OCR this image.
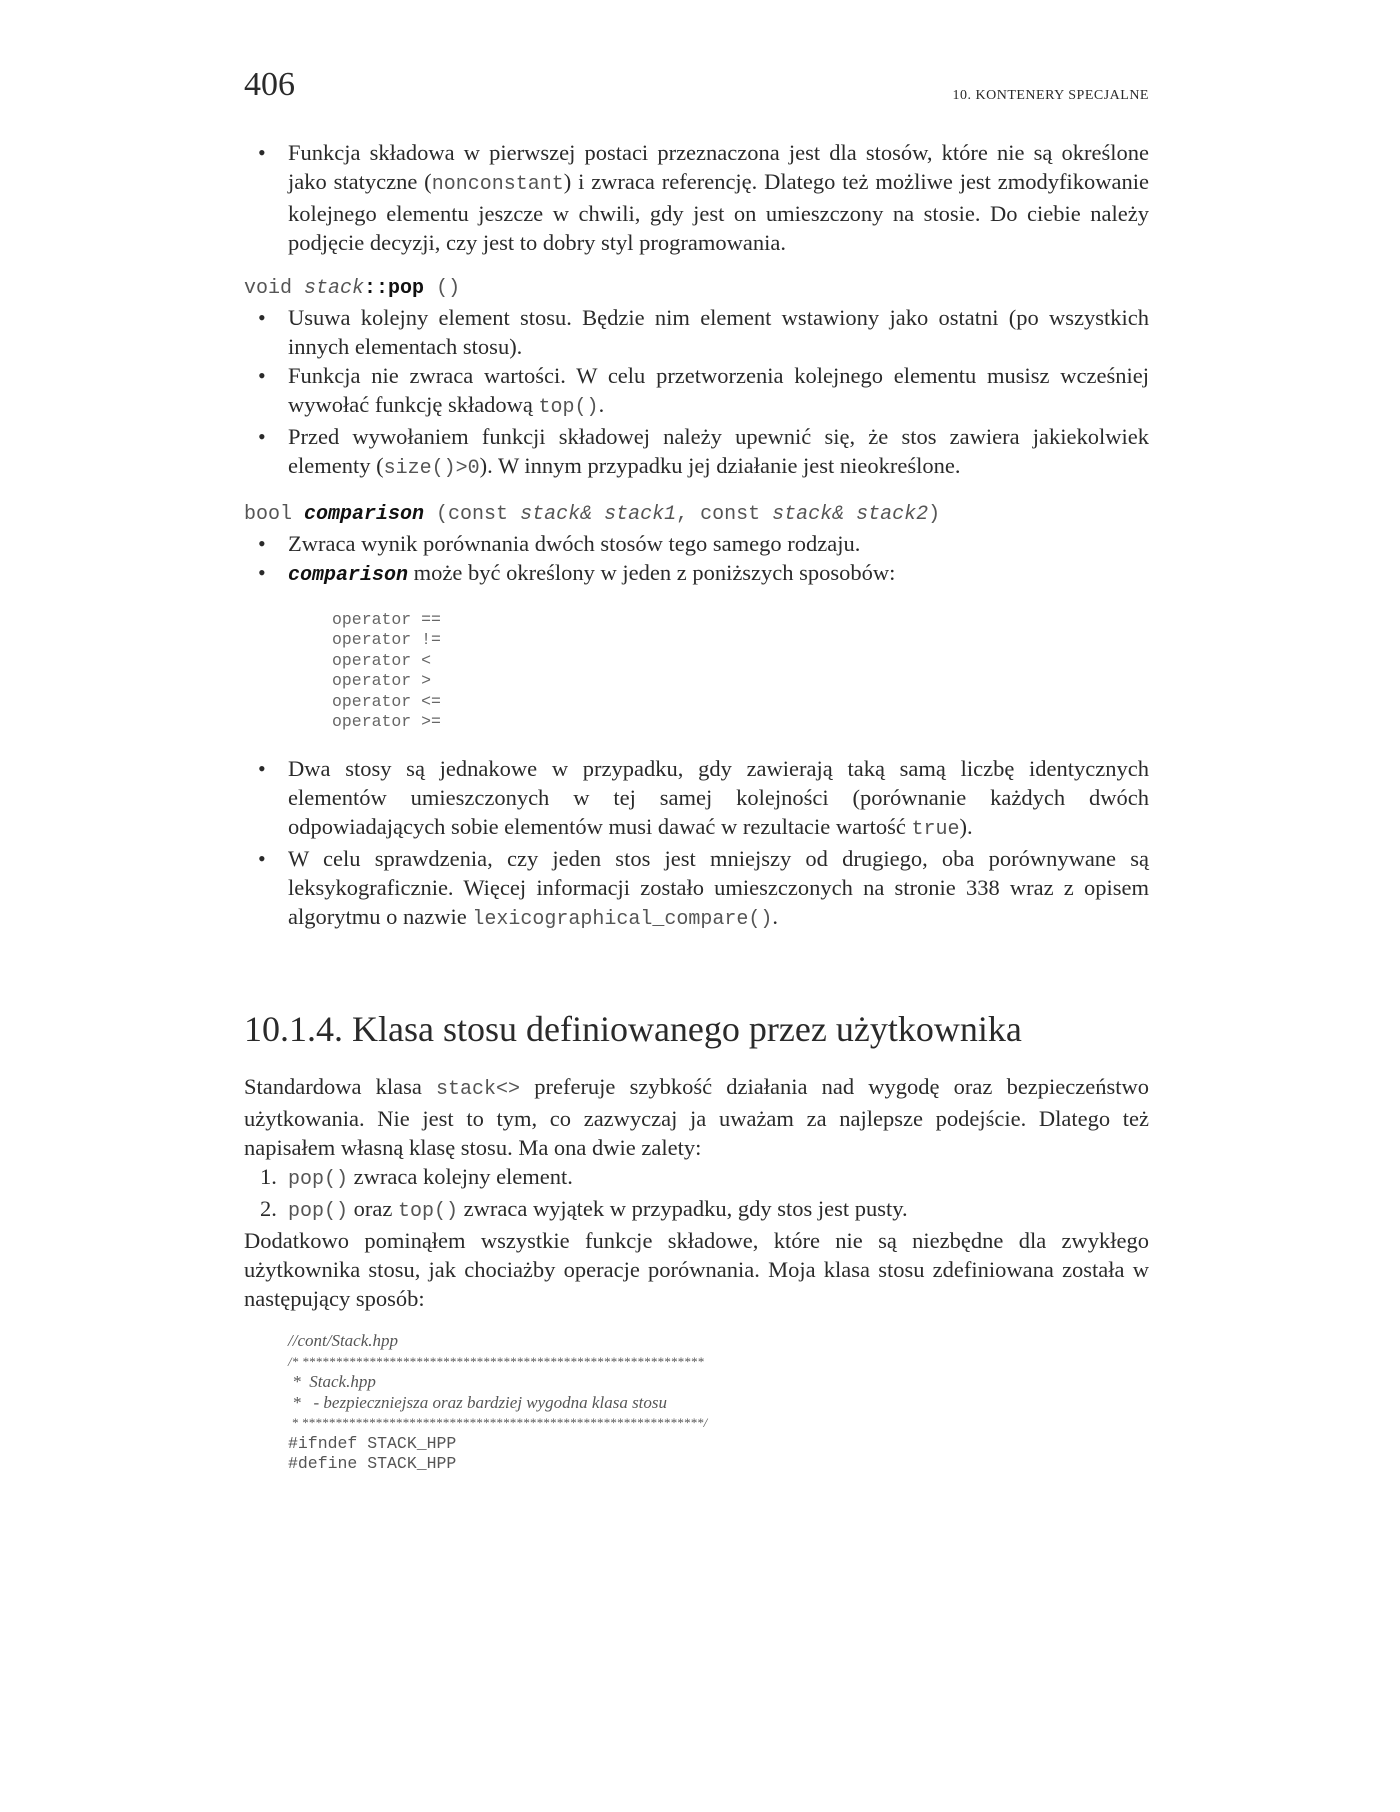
406	10. KONTENERY SPECJALNE
• Funkcja składowa w pierwszej postaci przeznaczona jest dla stosów, które nie są określone jako statyczne (nonconstant) i zwraca referencję. Dlatego też możliwe jest zmodyfikowanie kolejnego elementu jeszcze w chwili, gdy jest on umieszczony na stosie. Do ciebie należy podjęcie decyzji, czy jest to dobry styl programowania.
void stack::pop ()
• Usuwa kolejny element stosu. Będzie nim element wstawiony jako ostatni (po wszystkich innych elementach stosu).
• Funkcja nie zwraca wartości. W celu przetworzenia kolejnego elementu musisz wcześniej wywołać funkcję składową top().
• Przed wywołaniem funkcji składowej należy upewnić się, że stos zawiera jakiekolwiek elementy (size()>0). W innym przypadku jej działanie jest nieokreślone.
bool comparison (const stack& stack1, const stack& stack2)
• Zwraca wynik porównania dwóch stosów tego samego rodzaju.
• comparison może być określony w jeden z poniższych sposobów:
operator ==
operator !=
operator <
operator >
operator <=
operator >=
• Dwa stosy są jednakowe w przypadku, gdy zawierają taką samą liczbę identycznych elementów umieszczonych w tej samej kolejności (porównanie każdych dwóch odpowiadających sobie elementów musi dawać w rezultacie wartość true).
• W celu sprawdzenia, czy jeden stos jest mniejszy od drugiego, oba porównywane są leksykograficznie. Więcej informacji zostało umieszczonych na stronie 338 wraz z opisem algorytmu o nazwie lexicographical_compare().
10.1.4. Klasa stosu definiowanego przez użytkownika
Standardowa klasa stack<> preferuje szybkość działania nad wygodę oraz bezpieczeństwo użytkowania. Nie jest to tym, co zazwyczaj ja uważam za najlepsze podejście. Dlatego też napisałem własną klasę stosu. Ma ona dwie zalety:
1. pop() zwraca kolejny element.
2. pop() oraz top() zwraca wyjątek w przypadku, gdy stos jest pusty.
Dodatkowo pominąłem wszystkie funkcje składowe, które nie są niezbędne dla zwykłego użytkownika stosu, jak chociażby operacje porównania. Moja klasa stosu zdefiniowana została w następujący sposób:
//cont/Stack.hpp
/* ************************************************************
*  Stack.hpp
*   - bezpieczniejsza oraz bardziej wygodna klasa stosu
* ************************************************************/
#ifndef STACK_HPP
#define STACK_HPP
